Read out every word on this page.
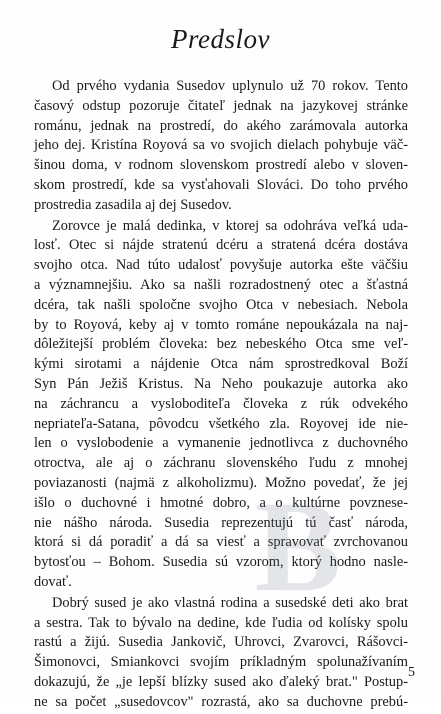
Predslov
Od prvého vydania Susedov uplynulo už 70 rokov. Tento
časový odstup pozoruje čitateľ jednak na jazykovej stránke
románu, jednak na prostredí, do akého zarámovala autorka
jeho dej. Kristína Royová sa vo svojich dielach pohybuje väč-
šinou doma, v rodnom slovenskom prostredí alebo v sloven-
skom prostredí, kde sa vysťahovali Slováci. Do toho prvého
prostredia zasadila aj dej Susedov.
Zorovce je malá dedinka, v ktorej sa odohráva veľká uda-
losť. Otec si nájde stratenú dcéru a stratená dcéra dostáva
svojho otca. Nad túto udalosť povyšuje autorka ešte väčšiu
a významnejšiu. Ako sa našli rozradostnený otec a šťastná
dcéra, tak našli spoločne svojho Otca v nebesiach. Nebola
by to Royová, keby aj v tomto románe nepoukázala na naj-
dôležitejší problém človeka: bez nebeského Otca sme veľ-
kými sirotami a nájdenie Otca nám sprostredkoval Boží
Syn Pán Ježiš Kristus. Na Neho poukazuje autorka ako
na záchrancu a vysloboditeľa človeka z rúk odvekého
nepriateľa-Satana, pôvodcu všetkého zla. Royovej ide nie-
len o vyslobodenie a vymanenie jednotlivca z duchovného
otroctva, ale aj o záchranu slovenského ľudu z mnohej
poviazanosti (najmä z alkoholizmu). Možno povedať, že jej
išlo o duchovné i hmotné dobro, a o kultúrne povznese-
nie nášho národa. Susedia reprezentujú tú časť národa,
ktorá si dá poradiť a dá sa viesť a spravovať zvrchovanou
bytosťou – Bohom. Susedia sú vzorom, ktorý hodno nasle-
dovať.
Dobrý sused je ako vlastná rodina a susedské deti ako brat
a sestra. Tak to bývalo na dedine, kde ľudia od kolísky spolu
rastú a žijú. Susedia Jankovič, Uhrovci, Zvarovci, Rášovci-
Šimonovci, Smiankovci svojím príkladným spolunažívaním
dokazujú, že „je lepší blízky sused ako ďaleký brat." Postup-
ne sa počet „susedovcov" rozrastá, ako sa duchovne prebú-
B
5
